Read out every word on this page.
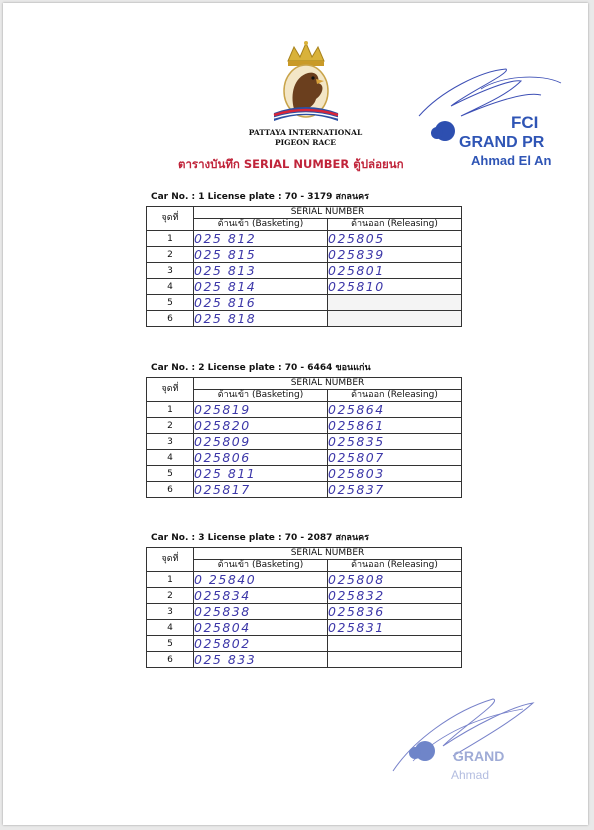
PATTAYA INTERNATIONAL
PIGEON RACE
ตารางบันทึก SERIAL NUMBER ตู้ปล่อยนก
FCI
GRAND PR
Ahmad El An
Car No. : 1 License plate : 70 - 3179 สกลนคร
จุดที่	SERIAL NUMBER	
	ด้านเข้า (Basketing)	ด้านออก (Releasing)
1	025 812	025805
2	025 815	025839
3	025 813	025801
4	025 814	025810
5	025 816	
6	025 818	
Car No. : 2 License plate : 70 - 6464 ขอนแก่น
จุดที่	SERIAL NUMBER	
	ด้านเข้า (Basketing)	ด้านออก (Releasing)
1	025819	025864
2	025820	025861
3	025809	025835
4	025806	025807
5	025 811	025803
6	025817	025837
Car No. : 3 License plate : 70 - 2087 สกลนคร
จุดที่	SERIAL NUMBER	
	ด้านเข้า (Basketing)	ด้านออก (Releasing)
1	0 25840	025808
2	025834	025832
3	025838	025836
4	025804	025831
5	025802	
6	025 833	
GRAND
Ahmad
